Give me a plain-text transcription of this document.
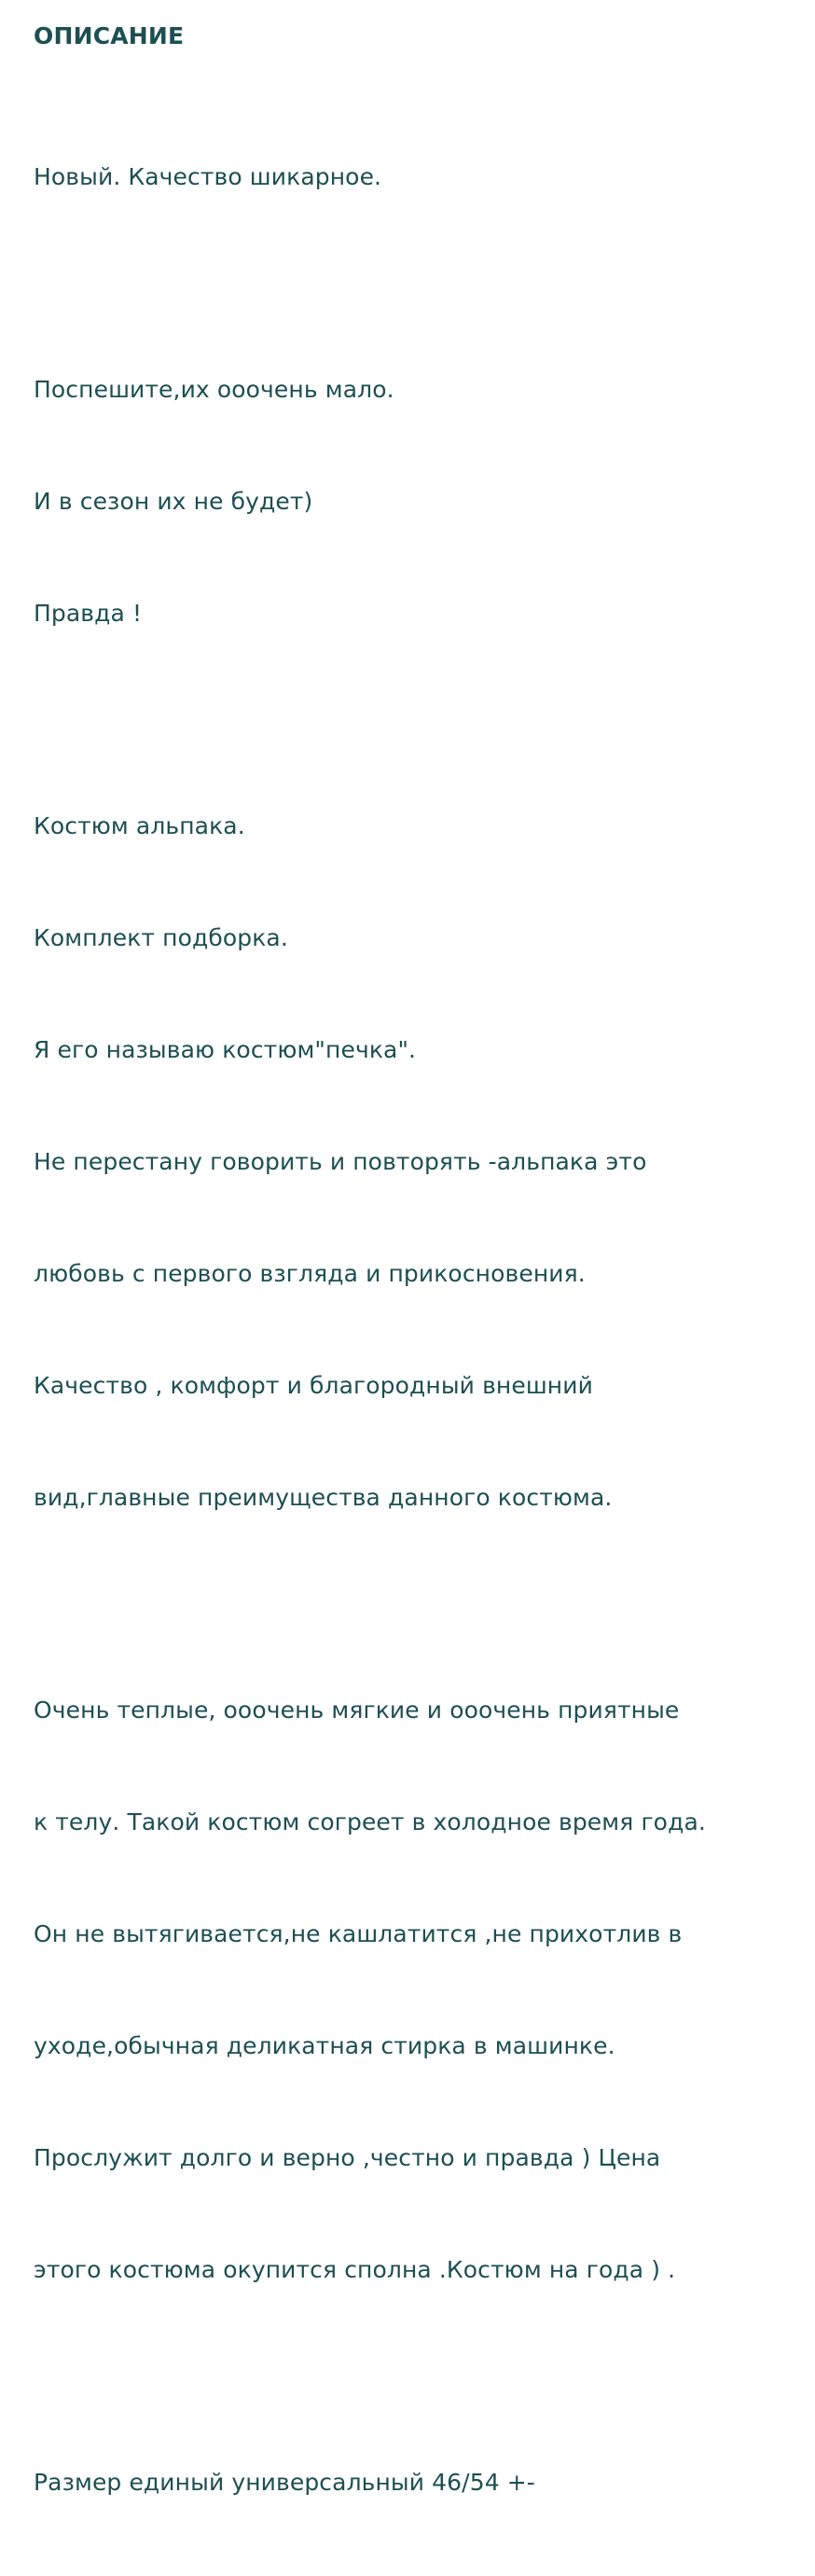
ОПИСАНИЕ

Новый. Качество шикарное.

Поспешите,их ооочень мало.

И в сезон их не будет)

Правда !

Костюм альпака.

Комплект подборка.

Я его называю костюм"печка".

Не перестану говорить и повторять -альпака это

любовь с первого взгляда и прикосновения.

Качество , комфорт и благородный внешний

вид,главные преимущества данного костюма.

Очень теплые, ооочень мягкие и ооочень приятные

к телу. Такой костюм согреет в холодное время года.

Он не вытягивается,не кашлатится ,не прихотлив в

уходе,обычная деликатная стирка в машинке.

Прослужит долго и верно ,честно и правда ) Цена

этого костюма окупится сполна .Костюм на года ) .

Размер единый универсальный 46/54 +-
